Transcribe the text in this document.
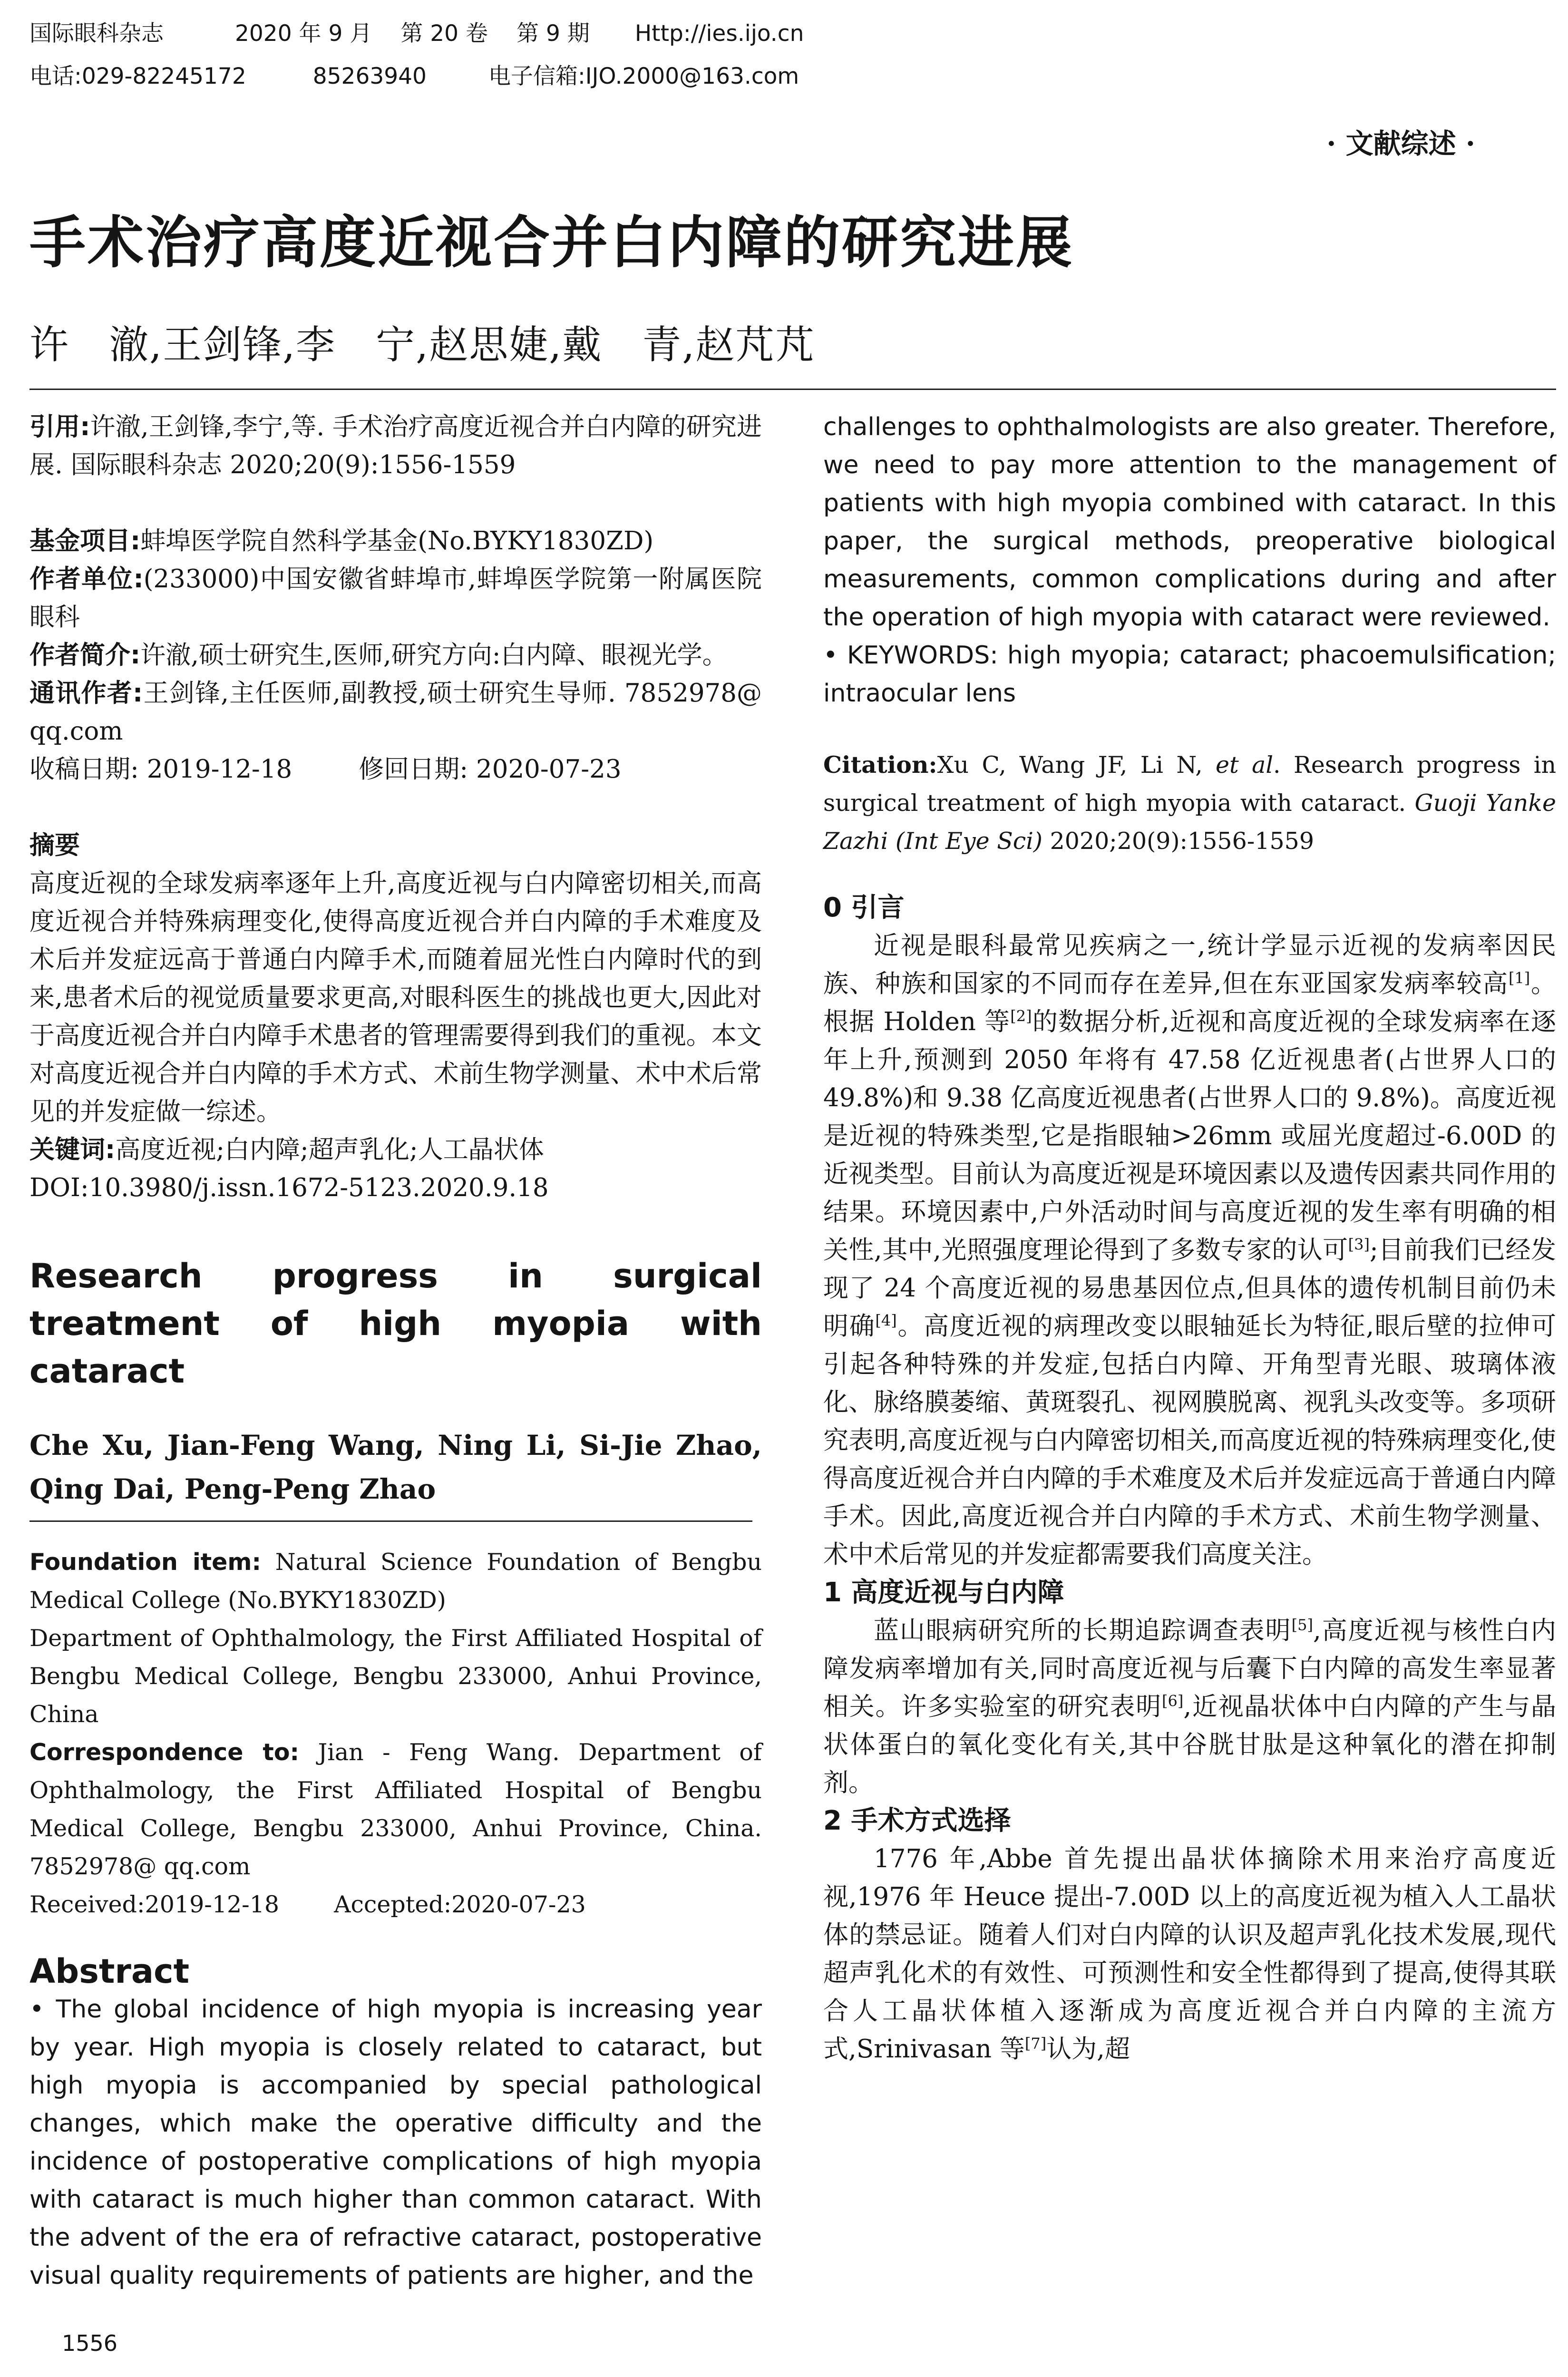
国际眼科杂志	2020 年 9 月 第 20 卷 第 9 期 Http://ies.ijo.cn
电话:029-82245172	85263940	电子信箱:IJO.2000@163.com
· 文献综述 ·
手术治疗高度近视合并白内障的研究进展
许　澈,王剑锋,李　宁,赵思婕,戴　青,赵芃芃

引用:许澈,王剑锋,李宁,等. 手术治疗高度近视合并白内障的研究进展. 国际眼科杂志 2020;20(9):1556-1559

基金项目:蚌埠医学院自然科学基金(No.BYKY1830ZD)

作者单位:(233000)中国安徽省蚌埠市,蚌埠医学院第一附属医院眼科

作者简介:许澈,硕士研究生,医师,研究方向:白内障、眼视光学。

通讯作者:王剑锋,主任医师,副教授,硕士研究生导师. 7852978@ qq.com

收稿日期: 2019-12-18	修回日期: 2020-07-23

摘要

高度近视的全球发病率逐年上升,高度近视与白内障密切相关,而高度近视合并特殊病理变化,使得高度近视合并白内障的手术难度及术后并发症远高于普通白内障手术,而随着屈光性白内障时代的到来,患者术后的视觉质量要求更高,对眼科医生的挑战也更大,因此对于高度近视合并白内障手术患者的管理需要得到我们的重视。本文对高度近视合并白内障的手术方式、术前生物学测量、术中术后常见的并发症做一综述。

关键词:高度近视;白内障;超声乳化;人工晶状体

DOI:10.3980/j.issn.1672-5123.2020.9.18

Research progress in surgical treatment of high myopia with cataract

Che Xu, Jian-Feng Wang, Ning Li, Si-Jie Zhao, Qing Dai, Peng-Peng Zhao

Foundation item: Natural Science Foundation of Bengbu Medical College (No.BYKY1830ZD)

Department of Ophthalmology, the First Affiliated Hospital of Bengbu Medical College, Bengbu 233000, Anhui Province, China

Correspondence to: Jian - Feng Wang. Department of Ophthalmology, the First Affiliated Hospital of Bengbu Medical College, Bengbu 233000, Anhui Province, China. 7852978@ qq.com

Received:2019-12-18 Accepted:2020-07-23

Abstract

• The global incidence of high myopia is increasing year by year. High myopia is closely related to cataract, but high myopia is accompanied by special pathological changes, which make the operative difficulty and the incidence of postoperative complications of high myopia with cataract is much higher than common cataract. With the advent of the era of refractive cataract, postoperative visual quality requirements of patients are higher, and the

challenges to ophthalmologists are also greater. Therefore, we need to pay more attention to the management of patients with high myopia combined with cataract. In this paper, the surgical methods, preoperative biological measurements, common complications during and after the operation of high myopia with cataract were reviewed.

• KEYWORDS: high myopia; cataract; phacoemulsification; intraocular lens

Citation:Xu C, Wang JF, Li N, et al. Research progress in surgical treatment of high myopia with cataract. Guoji Yanke Zazhi (Int Eye Sci) 2020;20(9):1556-1559

0 引言

近视是眼科最常见疾病之一,统计学显示近视的发病率因民族、种族和国家的不同而存在差异,但在东亚国家发病率较高[1]。根据 Holden 等[2]的数据分析,近视和高度近视的全球发病率在逐年上升,预测到 2050 年将有 47.58 亿近视患者(占世界人口的 49.8%)和 9.38 亿高度近视患者(占世界人口的 9.8%)。高度近视是近视的特殊类型,它是指眼轴>26mm 或屈光度超过-6.00D 的近视类型。目前认为高度近视是环境因素以及遗传因素共同作用的结果。环境因素中,户外活动时间与高度近视的发生率有明确的相关性,其中,光照强度理论得到了多数专家的认可[3];目前我们已经发现了 24 个高度近视的易患基因位点,但具体的遗传机制目前仍未明确[4]。高度近视的病理改变以眼轴延长为特征,眼后壁的拉伸可引起各种特殊的并发症,包括白内障、开角型青光眼、玻璃体液化、脉络膜萎缩、黄斑裂孔、视网膜脱离、视乳头改变等。多项研究表明,高度近视与白内障密切相关,而高度近视的特殊病理变化,使得高度近视合并白内障的手术难度及术后并发症远高于普通白内障手术。因此,高度近视合并白内障的手术方式、术前生物学测量、术中术后常见的并发症都需要我们高度关注。

1 高度近视与白内障

蓝山眼病研究所的长期追踪调查表明[5],高度近视与核性白内障发病率增加有关,同时高度近视与后囊下白内障的高发生率显著相关。许多实验室的研究表明[6],近视晶状体中白内障的产生与晶状体蛋白的氧化变化有关,其中谷胱甘肽是这种氧化的潜在抑制剂。

2 手术方式选择

1776 年,Abbe 首先提出晶状体摘除术用来治疗高度近视,1976 年 Heuce 提出-7.00D 以上的高度近视为植入人工晶状体的禁忌证。随着人们对白内障的认识及超声乳化技术发展,现代超声乳化术的有效性、可预测性和安全性都得到了提高,使得其联合人工晶状体植入逐渐成为高度近视合并白内障的主流方式,Srinivasan 等[7]认为,超

1556
